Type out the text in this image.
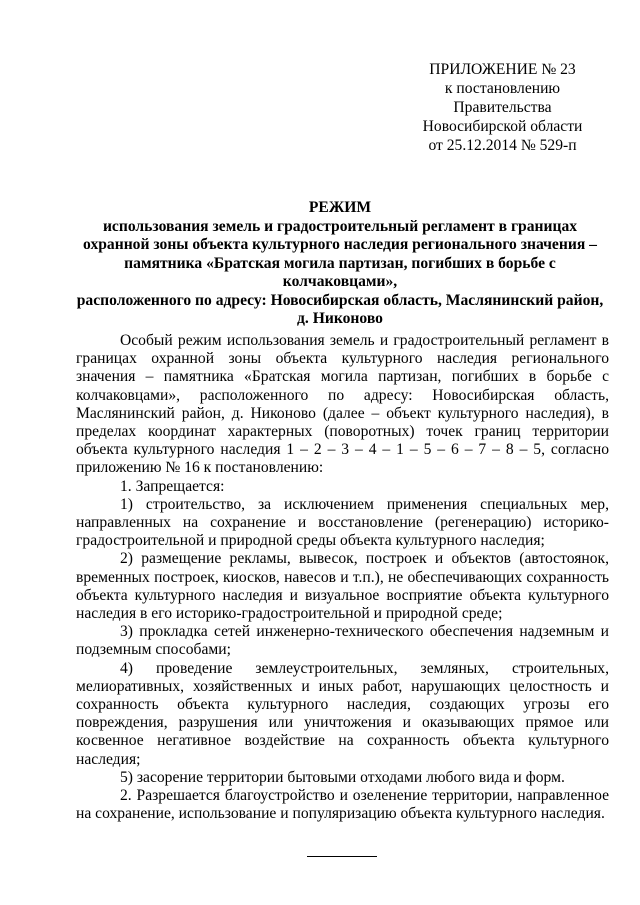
ПРИЛОЖЕНИЕ № 23
к постановлению Правительства
Новосибирской области
от 25.12.2014 № 529-п
РЕЖИМ
использования земель и градостроительный регламент в границах
охранной зоны объекта культурного наследия регионального значения –
памятника «Братская могила партизан, погибших в борьбе с колчаковцами»,
расположенного по адресу: Новосибирская область, Маслянинский район,
д. Никоново

Особый режим использования земель и градостроительный регламент в границах охранной зоны объекта культурного наследия регионального значения – памятника «Братская могила партизан, погибших в борьбе с колчаковцами», расположенного по адресу: Новосибирская область, Маслянинский район, д. Никоново (далее – объект культурного наследия), в пределах координат характерных (поворотных) точек границ территории объекта культурного наследия 1 – 2 – 3 – 4 – 1 – 5 – 6 – 7 – 8 – 5, согласно приложению № 16 к постановлению:

1. Запрещается:

1) строительство, за исключением применения специальных мер, направленных на сохранение и восстановление (регенерацию) историко-градостроительной и природной среды объекта культурного наследия;

2) размещение рекламы, вывесок, построек и объектов (автостоянок, временных построек, киосков, навесов и т.п.), не обеспечивающих сохранность объекта культурного наследия и визуальное восприятие объекта культурного наследия в его историко-градостроительной и природной среде;

3) прокладка сетей инженерно-технического обеспечения надземным и подземным способами;

4) проведение землеустроительных, земляных, строительных, мелиоративных, хозяйственных и иных работ, нарушающих целостность и сохранность объекта культурного наследия, создающих угрозы его повреждения, разрушения или уничтожения и оказывающих прямое или косвенное негативное воздействие на сохранность объекта культурного наследия;

5) засорение территории бытовыми отходами любого вида и форм.

2. Разрешается благоустройство и озеленение территории, направленное на сохранение, использование и популяризацию объекта культурного наследия.
